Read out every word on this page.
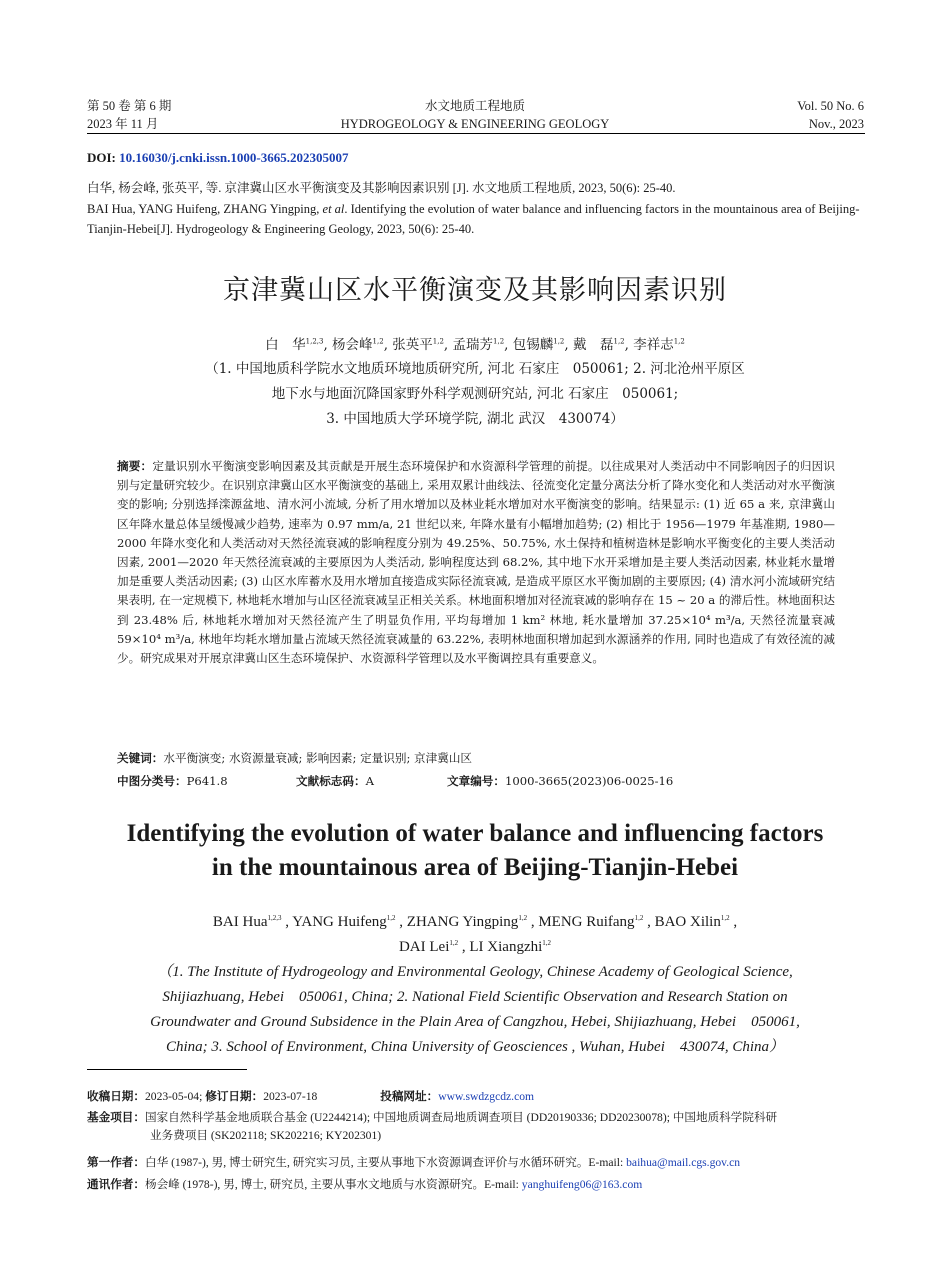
第 50 卷 第 6 期
2023 年 11 月
水文地质工程地质
HYDROGEOLOGY & ENGINEERING GEOLOGY
Vol. 50 No. 6
Nov., 2023
DOI: 10.16030/j.cnki.issn.1000-3665.202305007
白华, 杨会峰, 张英平, 等. 京津冀山区水平衡演变及其影响因素识别 [J]. 水文地质工程地质, 2023, 50(6): 25-40.
BAI Hua, YANG Huifeng, ZHANG Yingping, et al. Identifying the evolution of water balance and influencing factors in the mountainous area of Beijing-Tianjin-Hebei[J]. Hydrogeology & Engineering Geology, 2023, 50(6): 25-40.
京津冀山区水平衡演变及其影响因素识别
白　华$^{1,2,3}$, 杨会峰$^{1,2}$, 张英平$^{1,2}$, 孟瑞芳$^{1,2}$, 包锡麟$^{1,2}$, 戴　磊$^{1,2}$, 李祥志$^{1,2}$
（1. 中国地质科学院水文地质环境地质研究所, 河北 石家庄　050061; 2. 河北沧州平原区
地下水与地面沉降国家野外科学观测研究站, 河北 石家庄　050061;
3. 中国地质大学环境学院, 湖北 武汉　430074）
摘要：定量识别水平衡演变影响因素及其贡献是开展生态环境保护和水资源科学管理的前提。以往成果对人类活动中不同影响因子的归因识别与定量研究较少。在识别京津冀山区水平衡演变的基础上, 采用双累计曲线法、径流变化定量分离法分析了降水变化和人类活动对水平衡演变的影响; 分别选择滦源盆地、清水河小流域, 分析了用水增加以及林业耗水增加对水平衡演变的影响。结果显示: (1) 近 65 a 来, 京津冀山区年降水量总体呈缓慢减少趋势, 速率为 0.97 mm/a, 21 世纪以来, 年降水量有小幅增加趋势; (2) 相比于 1956—1979 年基准期, 1980—2000 年降水变化和人类活动对天然径流衰减的影响程度分别为 49.25%、50.75%, 水土保持和植树造林是影响水平衡变化的主要人类活动因素, 2001—2020 年天然径流衰减的主要原因为人类活动, 影响程度达到 68.2%, 其中地下水开采增加是主要人类活动因素, 林业耗水量增加是重要人类活动因素; (3) 山区水库蓄水及用水增加直接造成实际径流衰减, 是造成平原区水平衡加剧的主要原因; (4) 清水河小流域研究结果表明, 在一定规模下, 林地耗水增加与山区径流衰减呈正相关关系。林地面积增加对径流衰减的影响存在 15 ~ 20 a 的滞后性。林地面积达到 23.48% 后, 林地耗水增加对天然径流产生了明显负作用, 平均每增加 1 km² 林地, 耗水量增加 37.25×10⁴ m³/a, 天然径流量衰减 59×10⁴ m³/a, 林地年均耗水增加量占流域天然径流衰减量的 63.22%, 表明林地面积增加起到水源涵养的作用, 同时也造成了有效径流的减少。研究成果对开展京津冀山区生态环境保护、水资源科学管理以及水平衡调控具有重要意义。
关键词：水平衡演变; 水资源量衰减; 影响因素; 定量识别; 京津冀山区
中图分类号：P641.8	文献标志码：A	文章编号：1000-3665(2023)06-0025-16
Identifying the evolution of water balance and influencing factors
in the mountainous area of Beijing-Tianjin-Hebei
BAI Hua$^{1,2,3}$ , YANG Huifeng$^{1,2}$ , ZHANG Yingping$^{1,2}$ , MENG Ruifang$^{1,2}$ , BAO Xilin$^{1,2}$ ,
DAI Lei$^{1,2}$ , LI Xiangzhi$^{1,2}$
（1. The Institute of Hydrogeology and Environmental Geology, Chinese Academy of Geological Science,
Shijiazhuang, Hebei　050061, China; 2. National Field Scientific Observation and Research Station on
Groundwater and Ground Subsidence in the Plain Area of Cangzhou, Hebei, Shijiazhuang, Hebei　050061,
China; 3. School of Environment, China University of Geosciences , Wuhan, Hubei　430074, China）
收稿日期：2023-05-04; 修订日期：2023-07-18	投稿网址：www.swdzgcdz.com
基金项目：国家自然科学基金地质联合基金 (U2244214); 中国地质调查局地质调查项目 (DD20190336; DD20230078); 中国地质科学院科研
业务费项目 (SK202118; SK202216; KY202301)
第一作者：白华 (1987-), 男, 博士研究生, 研究实习员, 主要从事地下水资源调查评价与水循环研究。E-mail: baihua@mail.cgs.gov.cn
通讯作者：杨会峰 (1978-), 男, 博士, 研究员, 主要从事水文地质与水资源研究。E-mail: yanghuifeng06@163.com
